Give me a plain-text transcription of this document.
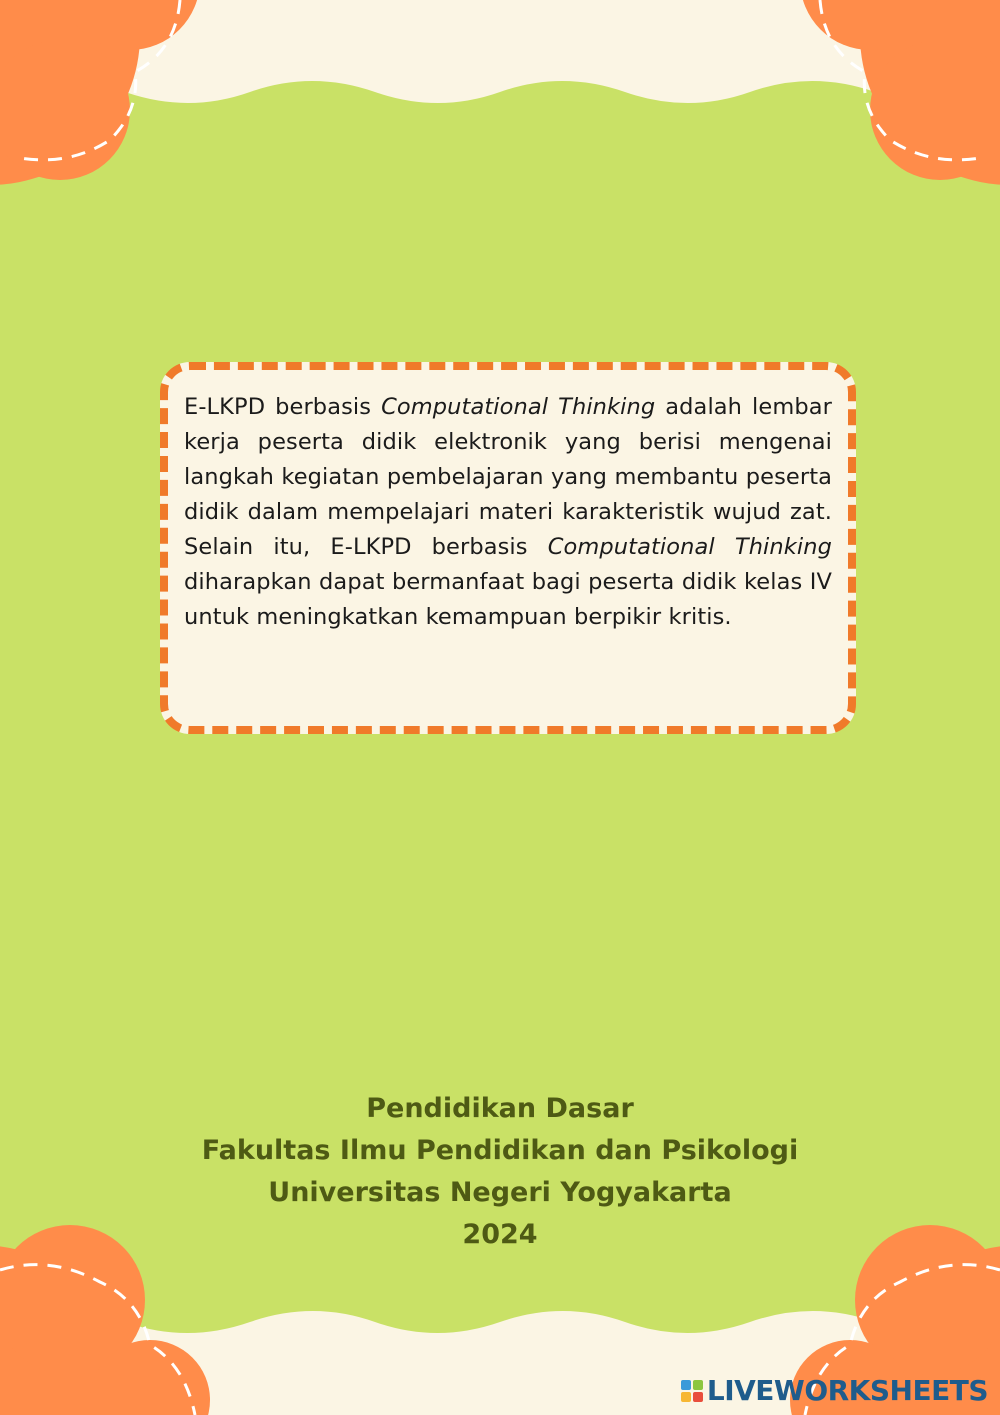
E-LKPD berbasis Computational Thinking adalah lembar kerja peserta didik elektronik yang berisi mengenai langkah kegiatan pembelajaran yang membantu peserta didik dalam mempelajari materi karakteristik wujud zat. Selain itu, E-LKPD berbasis Computational Thinking diharapkan dapat bermanfaat bagi peserta didik kelas IV untuk meningkatkan kemampuan berpikir kritis.

Pendidikan Dasar
Fakultas Ilmu Pendidikan dan Psikologi
Universitas Negeri Yogyakarta
2024
LIVEWORKSHEETS
